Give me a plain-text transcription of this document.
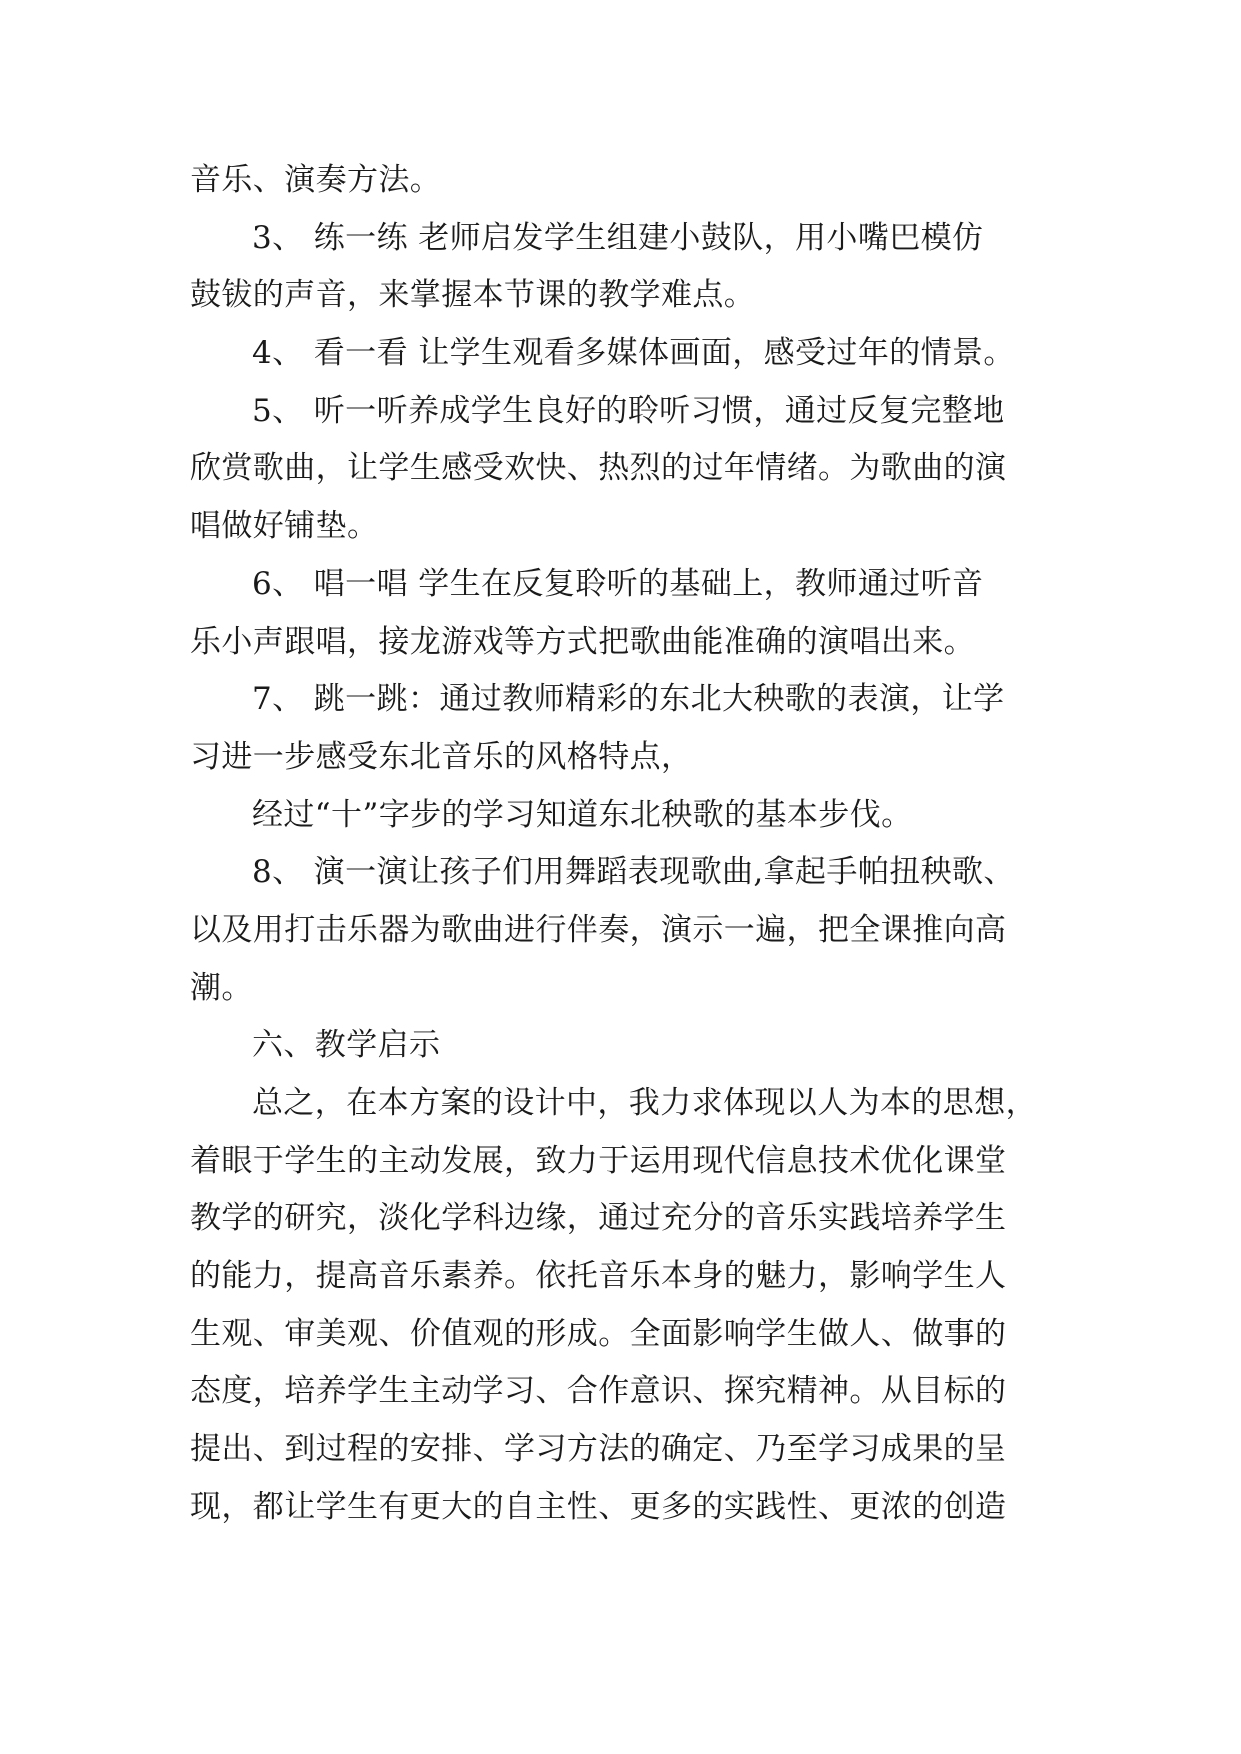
音乐、演奏方法。
3、 练一练 老师启发学生组建小鼓队，用小嘴巴模仿
鼓钹的声音，来掌握本节课的教学难点。
4、 看一看 让学生观看多媒体画面，感受过年的情景。
5、 听一听养成学生良好的聆听习惯，通过反复完整地
欣赏歌曲，让学生感受欢快、热烈的过年情绪。为歌曲的演
唱做好铺垫。
6、 唱一唱 学生在反复聆听的基础上，教师通过听音
乐小声跟唱，接龙游戏等方式把歌曲能准确的演唱出来。
7、 跳一跳：通过教师精彩的东北大秧歌的表演，让学
习进一步感受东北音乐的风格特点，
经过“十”字步的学习知道东北秧歌的基本步伐。
8、 演一演让孩子们用舞蹈表现歌曲,拿起手帕扭秧歌、
以及用打击乐器为歌曲进行伴奏，演示一遍，把全课推向高
潮。
六、教学启示
总之，在本方案的设计中，我力求体现以人为本的思想，
着眼于学生的主动发展，致力于运用现代信息技术优化课堂
教学的研究，淡化学科边缘，通过充分的音乐实践培养学生
的能力，提高音乐素养。依托音乐本身的魅力，影响学生人
生观、审美观、价值观的形成。全面影响学生做人、做事的
态度，培养学生主动学习、合作意识、探究精神。从目标的
提出、到过程的安排、学习方法的确定、乃至学习成果的呈
现，都让学生有更大的自主性、更多的实践性、更浓的创造
